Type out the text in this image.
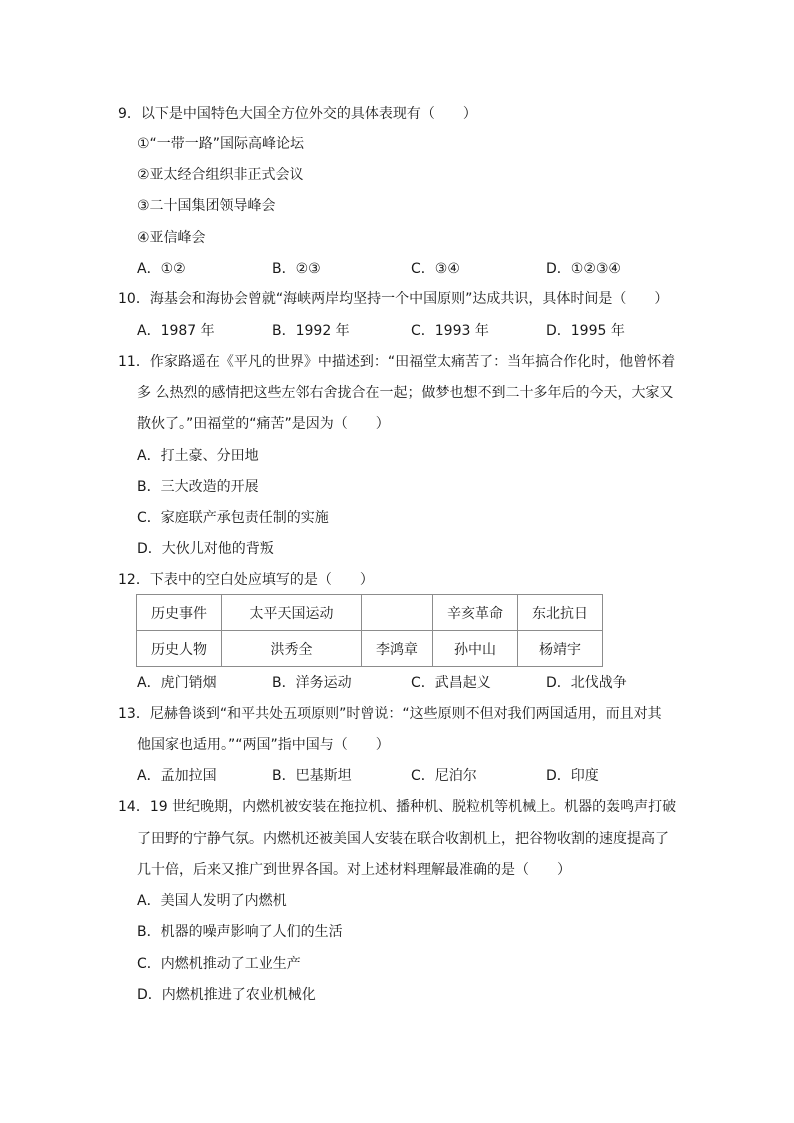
9．以下是中国特色大国全方位外交的具体表现有（　　）
①“一带一路”国际高峰论坛
②亚太经合组织非正式会议
③二十国集团领导峰会
④亚信峰会
A．①②	B．②③	C．③④	D．①②③④
10．海基会和海协会曾就“海峡两岸均坚持一个中国原则”达成共识，具体时间是（　　）
A．1987 年	B．1992 年	C．1993 年	D．1995 年
11．作家路遥在《平凡的世界》中描述到：“田福堂太痛苦了：当年搞合作化时，他曾怀着
多 么热烈的感情把这些左邻右舍拢合在一起；做梦也想不到二十多年后的今天，大家又
散伙了。”田福堂的“痛苦”是因为（　　）
A．打土豪、分田地
B．三大改造的开展
C．家庭联产承包责任制的实施
D．大伙儿对他的背叛
12．下表中的空白处应填写的是（　　）
历史事件	太平天国运动		辛亥革命	东北抗日
历史人物	洪秀全	李鸿章	孙中山	杨靖宇
A．虎门销烟	B．洋务运动	C．武昌起义	D．北伐战争
13．尼赫鲁谈到“和平共处五项原则”时曾说：“这些原则不但对我们两国适用，而且对其
他国家也适用。”“两国”指中国与（　　）
A．孟加拉国	B．巴基斯坦	C．尼泊尔	D．印度
14．19 世纪晚期，内燃机被安装在拖拉机、播种机、脱粒机等机械上。机器的轰鸣声打破
了田野的宁静气氛。内燃机还被美国人安装在联合收割机上，把谷物收割的速度提高了
几十倍，后来又推广到世界各国。对上述材料理解最准确的是（　　）
A．美国人发明了内燃机
B．机器的噪声影响了人们的生活
C．内燃机推动了工业生产
D．内燃机推进了农业机械化
